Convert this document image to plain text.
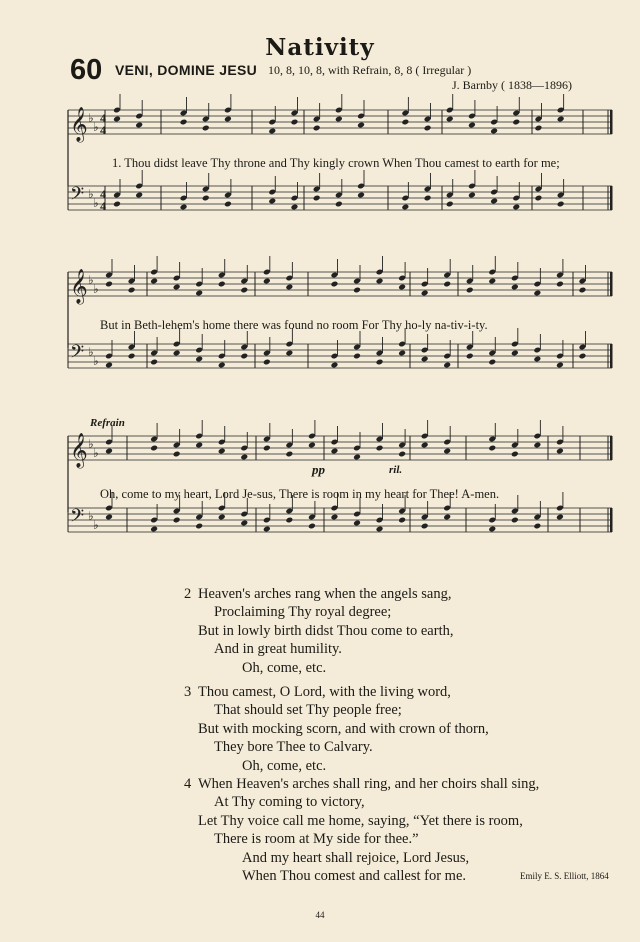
𝄞 ♭
♭
4
4
𝄢 ♭
♭
4
4
𝄞 ♭
♭
𝄢 ♭
♭
𝄞 ♭
♭
𝄢 ♭
♭
Nativity
60 VENI, DOMINE JESU 10, 8, 10, 8, with Refrain, 8, 8 ( Irregular )
J. Barnby ( 1838—1896)
1. Thou didst leave Thy throne and Thy kingly crown When Thou camest to earth for me;
But in Beth-lehem's home there was found no room For Thy ho-ly na-tiv-i-ty.
Refrain
pp	ril.
Oh, come to my heart, Lord Je-sus, There is room in my heart for Thee! A-men.
2 Heaven's arches rang when the angels sang,
Proclaiming Thy royal degree;
But in lowly birth didst Thou come to earth,
And in great humility.
Oh, come, etc.
3 Thou camest, O Lord, with the living word,
That should set Thy people free;
But with mocking scorn, and with crown of thorn,
They bore Thee to Calvary.
Oh, come, etc.
4 When Heaven's arches shall ring, and her choirs shall sing,
At Thy coming to victory,
Let Thy voice call me home, saying, “Yet there is room,
There is room at My side for thee.”
And my heart shall rejoice, Lord Jesus,
When Thou comest and callest for me.	Emily E. S. Elliott, 1864
44
